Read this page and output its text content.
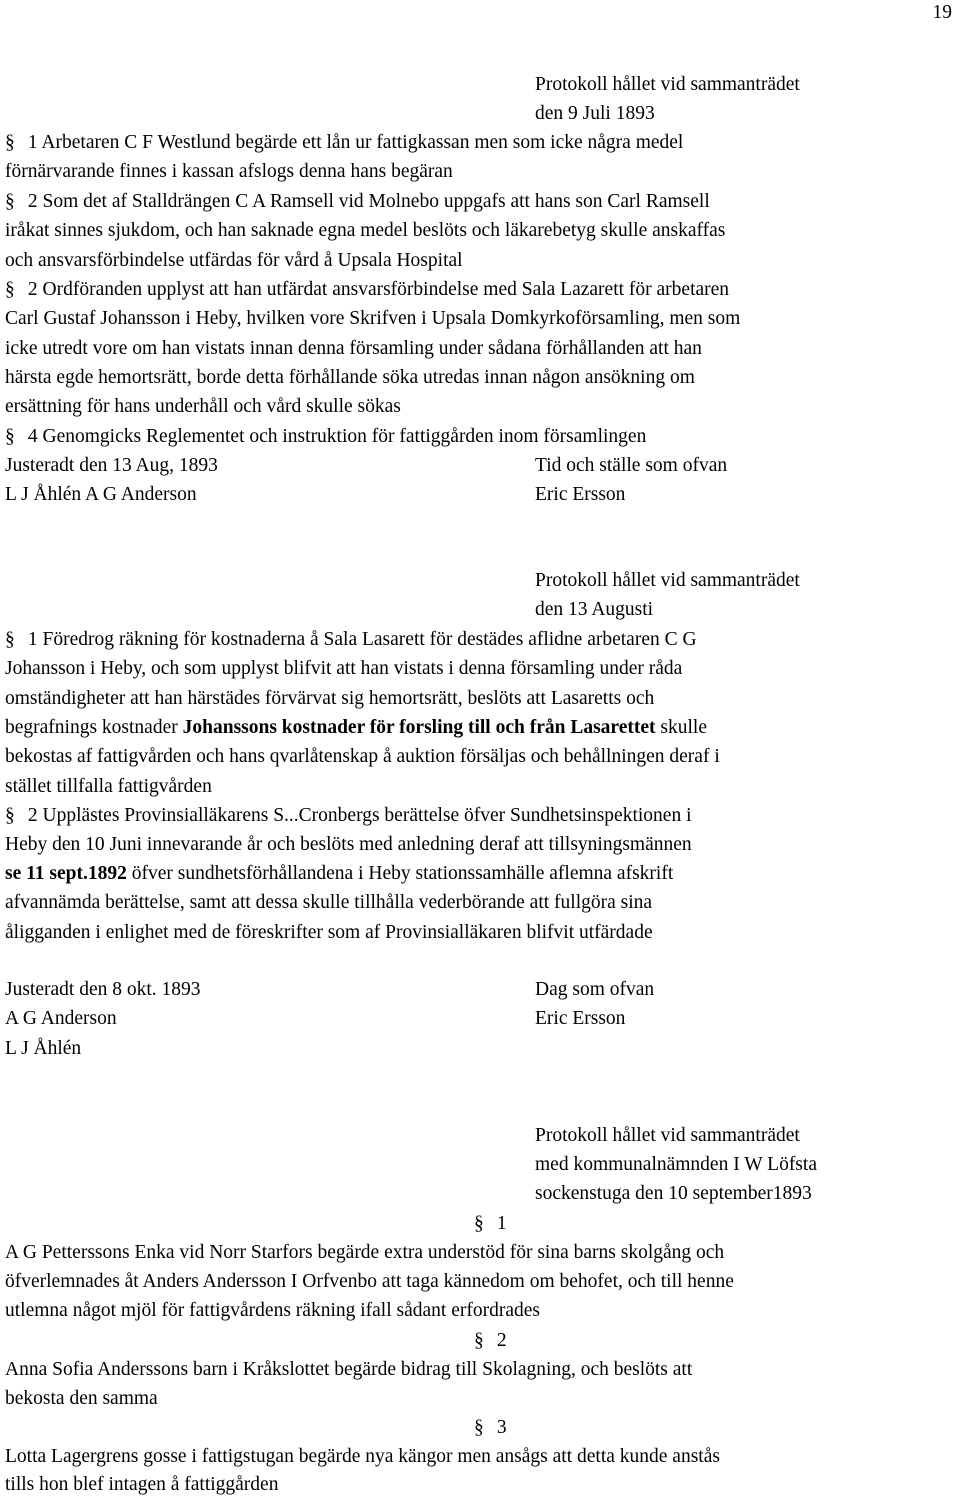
19
Protokoll hållet vid sammanträdet
den 9 Juli 1893
§ 1 Arbetaren C F Westlund begärde ett lån ur fattigkassan men som icke några medel
förnärvarande finnes i kassan afslogs denna hans begäran
§ 2 Som det af Stalldrängen C A Ramsell vid Molnebo uppgafs att hans son Carl Ramsell
iråkat sinnes sjukdom, och han saknade egna medel beslöts och läkarebetyg skulle anskaffas
och ansvarsförbindelse utfärdas för vård å Upsala Hospital
§ 2 Ordföranden upplyst att han utfärdat ansvarsförbindelse med Sala Lazarett för arbetaren
Carl Gustaf Johansson i Heby, hvilken vore Skrifven i Upsala Domkyrkoförsamling, men som
icke utredt vore om han vistats innan denna församling under sådana förhållanden att han
härsta egde hemortsrätt, borde detta förhållande söka utredas innan någon ansökning om
ersättning för hans underhåll och vård skulle sökas
§ 4 Genomgicks Reglementet och instruktion för fattiggården inom församlingen
Justeradt den 13 Aug, 1893	Tid och ställe som ofvan
L J Åhlén A G Anderson	Eric Ersson
Protokoll hållet vid sammanträdet
den 13 Augusti
§ 1 Föredrog räkning för kostnaderna å Sala Lasarett för destädes aflidne arbetaren C G
Johansson i Heby, och som upplyst blifvit att han vistats i denna församling under råda
omständigheter att han härstädes förvärvat sig hemortsrätt, beslöts att Lasaretts och
begrafnings kostnader Johanssons kostnader för forsling till och från Lasarettet skulle
bekostas af fattigvården och hans qvarlåtenskap å auktion försäljas och behållningen deraf i
stället tillfalla fattigvården
§ 2 Upplästes Provinsialläkarens S...Cronbergs berättelse öfver Sundhetsinspektionen i
Heby den 10 Juni innevarande år och beslöts med anledning deraf att tillsyningsmännen
se 11 sept.1892 öfver sundhetsförhållandena i Heby stationssamhälle aflemna afskrift
afvannämda berättelse, samt att dessa skulle tillhålla vederbörande att fullgöra sina
åligganden i enlighet med de föreskrifter som af Provinsialläkaren blifvit utfärdade
Justeradt den 8 okt. 1893	Dag som ofvan
A G Anderson	Eric Ersson
L J Åhlén
Protokoll hållet vid sammanträdet
med kommunalnämnden I W Löfsta
sockenstuga den 10 september1893
§ 1
A G Petterssons Enka vid Norr Starfors begärde extra understöd för sina barns skolgång och
öfverlemnades åt Anders Andersson I Orfvenbo att taga kännedom om behofet, och till henne
utlemna något mjöl för fattigvårdens räkning ifall sådant erfordrades
§ 2
Anna Sofia Anderssons barn i Kråkslottet begärde bidrag till Skolagning, och beslöts att
bekosta den samma
§ 3
Lotta Lagergrens gosse i fattigstugan begärde nya kängor men ansågs att detta kunde anstås
tills hon blef intagen å fattiggården
